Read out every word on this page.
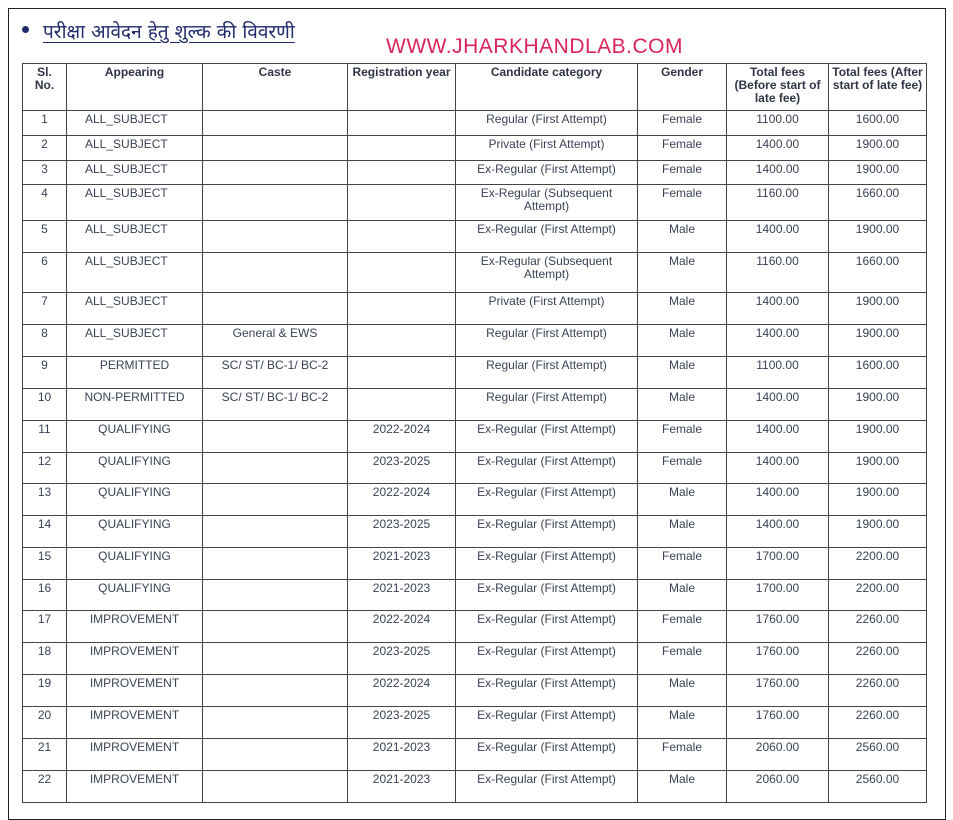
परीक्षा आवेदन हेतु शुल्क की विवरणी
WWW.JHARKHANDLAB.COM
Sl. No.	Appearing	Caste	Registration year	Candidate category	Gender	Total fees (Before start of late fee)	Total fees (After start of late fee)
1	ALL_SUBJECT			Regular (First Attempt)	Female	1100.00	1600.00
2	ALL_SUBJECT			Private (First Attempt)	Female	1400.00	1900.00
3	ALL_SUBJECT			Ex-Regular (First Attempt)	Female	1400.00	1900.00
4	ALL_SUBJECT			Ex-Regular (Subsequent Attempt)	Female	1160.00	1660.00
5	ALL_SUBJECT			Ex-Regular (First Attempt)	Male	1400.00	1900.00
6	ALL_SUBJECT			Ex-Regular (Subsequent Attempt)	Male	1160.00	1660.00
7	ALL_SUBJECT			Private (First Attempt)	Male	1400.00	1900.00
8	ALL_SUBJECT	General & EWS		Regular (First Attempt)	Male	1400.00	1900.00
9	PERMITTED	SC/ ST/ BC-1/ BC-2		Regular (First Attempt)	Male	1100.00	1600.00
10	NON-PERMITTED	SC/ ST/ BC-1/ BC-2		Regular (First Attempt)	Male	1400.00	1900.00
11	QUALIFYING		2022-2024	Ex-Regular (First Attempt)	Female	1400.00	1900.00
12	QUALIFYING		2023-2025	Ex-Regular (First Attempt)	Female	1400.00	1900.00
13	QUALIFYING		2022-2024	Ex-Regular (First Attempt)	Male	1400.00	1900.00
14	QUALIFYING		2023-2025	Ex-Regular (First Attempt)	Male	1400.00	1900.00
15	QUALIFYING		2021-2023	Ex-Regular (First Attempt)	Female	1700.00	2200.00
16	QUALIFYING		2021-2023	Ex-Regular (First Attempt)	Male	1700.00	2200.00
17	IMPROVEMENT		2022-2024	Ex-Regular (First Attempt)	Female	1760.00	2260.00
18	IMPROVEMENT		2023-2025	Ex-Regular (First Attempt)	Female	1760.00	2260.00
19	IMPROVEMENT		2022-2024	Ex-Regular (First Attempt)	Male	1760.00	2260.00
20	IMPROVEMENT		2023-2025	Ex-Regular (First Attempt)	Male	1760.00	2260.00
21	IMPROVEMENT		2021-2023	Ex-Regular (First Attempt)	Female	2060.00	2560.00
22	IMPROVEMENT		2021-2023	Ex-Regular (First Attempt)	Male	2060.00	2560.00
